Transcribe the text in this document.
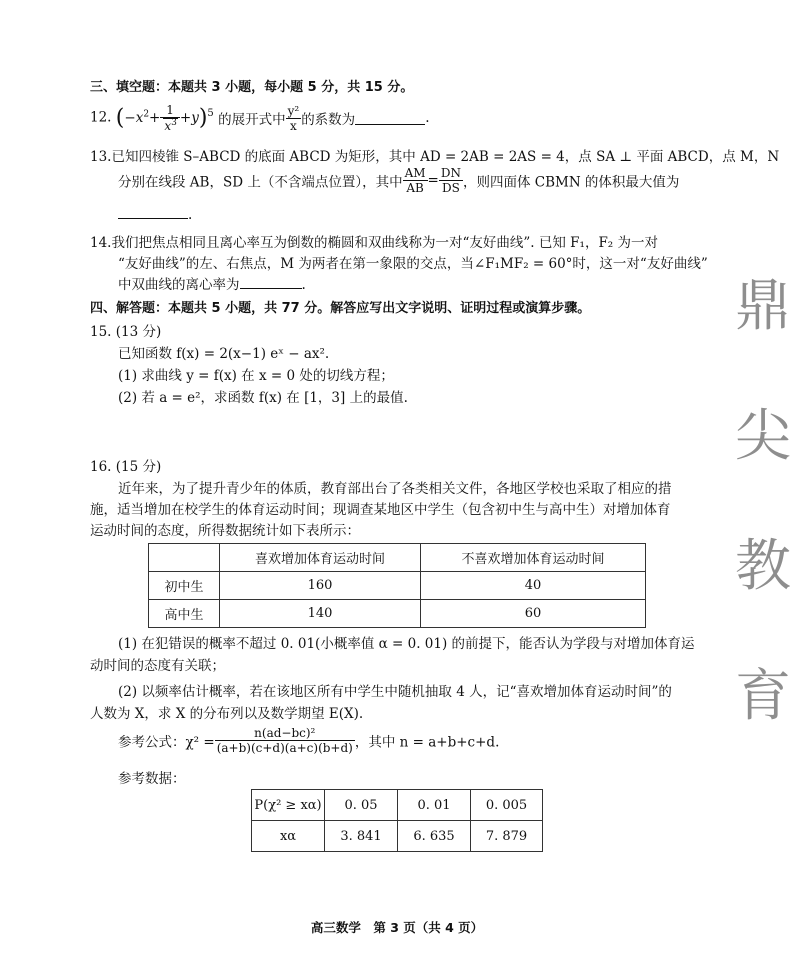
鼎
尖
教
育
三、填空题：本题共 3 小题，每小题 5 分，共 15 分。
12. $(-x^2+ \frac{1}{x^3} +y)^5$ 的展开式中 $\frac{\text{y²}}{x}$ 的系数为	.
13.已知四棱锥 S–ABCD 的底面 ABCD 为矩形，其中 AD = 2AB = 2AS = 4，点 SA ⊥ 平面 ABCD，点 M，N
分别在线段 AB，SD 上（不含端点位置），其中 $\frac{AM}{AB} = \frac{DN}{DS}$ ，则四面体 CBMN 的体积最大值为
.
14.我们把焦点相同且离心率互为倒数的椭圆和双曲线称为一对“友好曲线”. 已知 F₁，F₂ 为一对
“友好曲线”的左、右焦点，M 为两者在第一象限的交点，当∠F₁MF₂ = 60°时，这一对“友好曲线”
中双曲线的离心率为	.
四、解答题：本题共 5 小题，共 77 分。解答应写出文字说明、证明过程或演算步骤。
15. (13 分)
已知函数 f(x) = 2(x−1) eˣ − ax².
(1) 求曲线 y = f(x) 在 x = 0 处的切线方程；
(2) 若 a = e²，求函数 f(x) 在 [1，3] 上的最值.
16. (15 分)
近年来，为了提升青少年的体质，教育部出台了各类相关文件，各地区学校也采取了相应的措
施，适当增加在校学生的体育运动时间；现调查某地区中学生（包含初中生与高中生）对增加体育
运动时间的态度，所得数据统计如下表所示：
	喜欢增加体育运动时间	不喜欢增加体育运动时间
初中生	160	40
高中生	140	60
(1) 在犯错误的概率不超过 0. 01(小概率值 α = 0. 01) 的前提下，能否认为学段与对增加体育运
动时间的态度有关联；
(2) 以频率估计概率，若在该地区所有中学生中随机抽取 4 人，记“喜欢增加体育运动时间”的
人数为 X，求 X 的分布列以及数学期望 E(X).
参考公式：$\chi^2 = \frac{\text{n(ad−bc)²}}{(a+b)(c+d)(a+c)(b+d)}$ ，其中 n = a+b+c+d.
参考数据：
P(χ² ≥ xα)	0. 05	0. 01	0. 005
xα	3. 841	6. 635	7. 879
高三数学　第 3 页（共 4 页）
